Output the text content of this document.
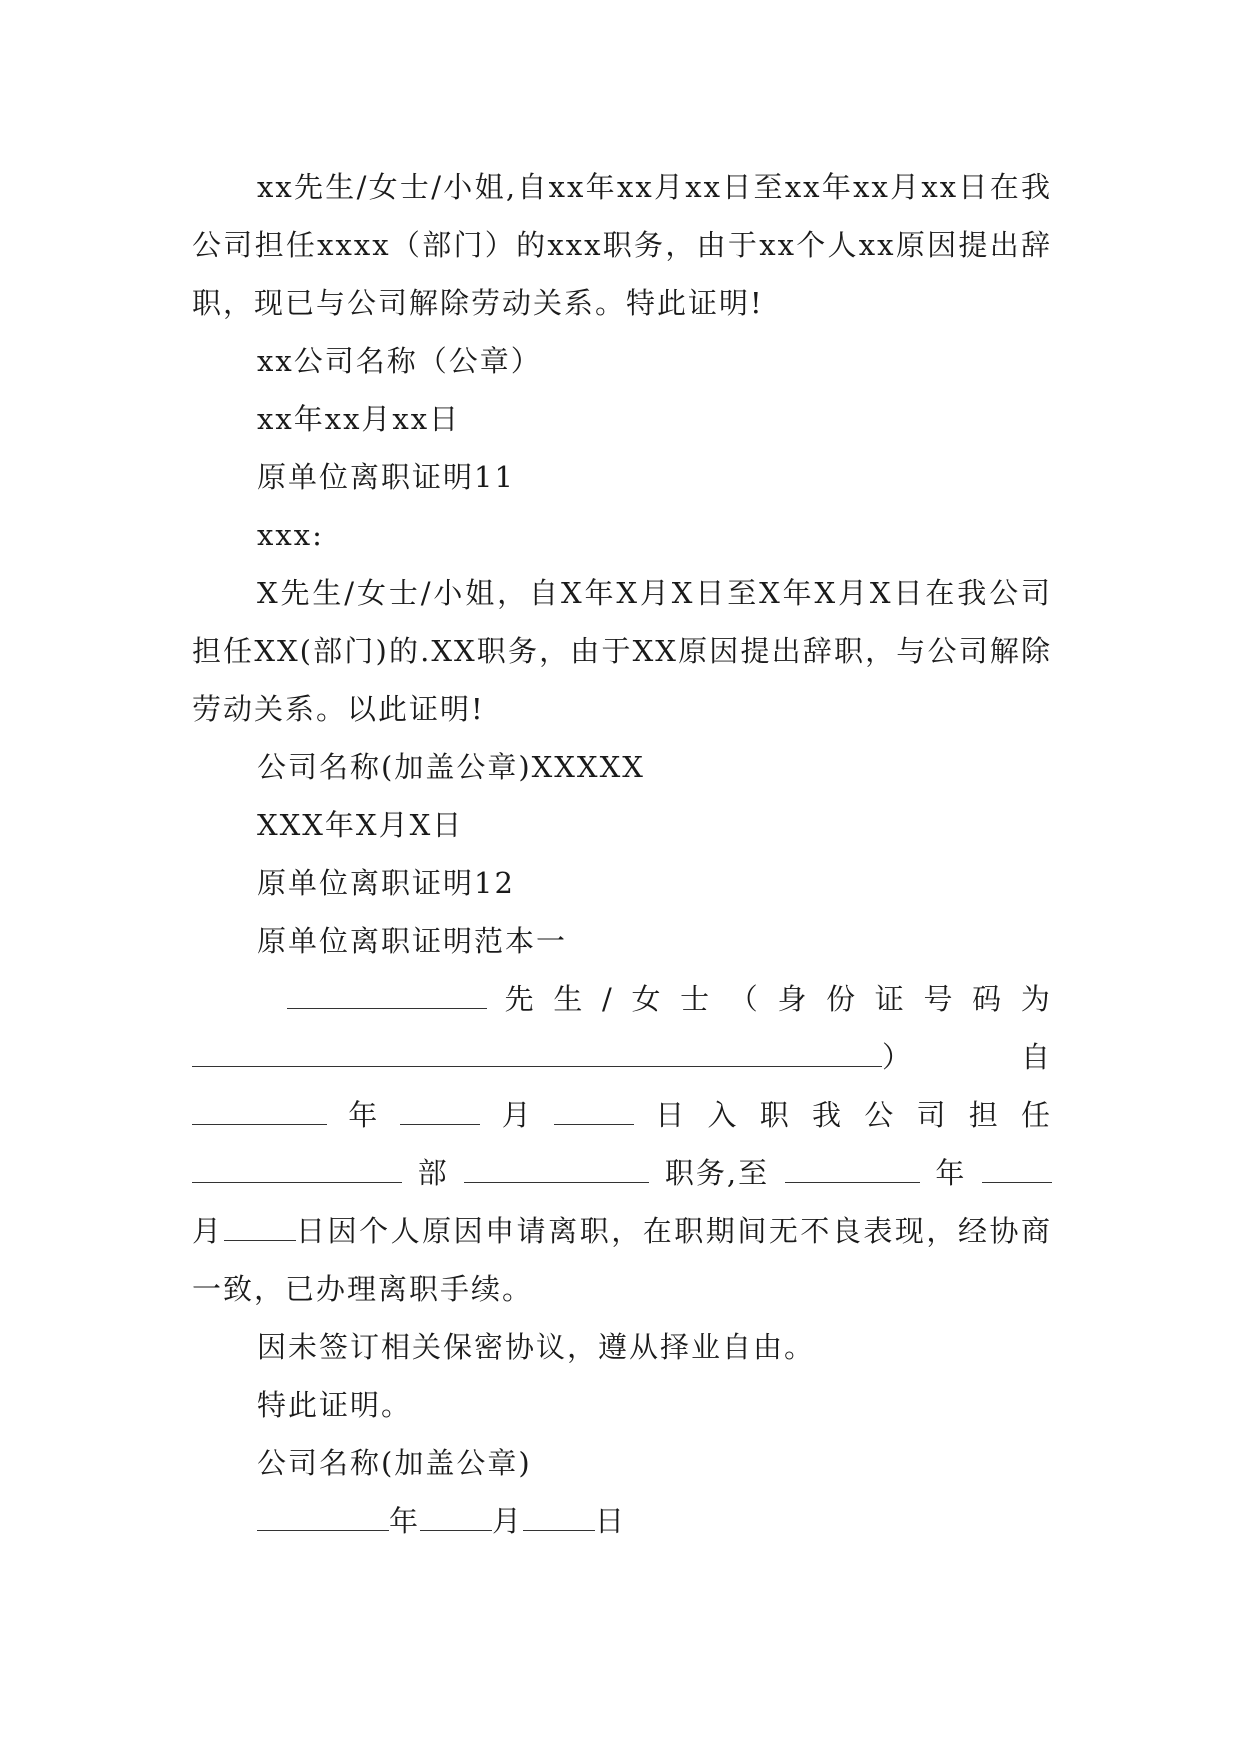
xx先生/女士/小姐,自xx年xx月xx日至xx年xx月xx日在我公司担任xxxx（部门）的xxx职务，由于xx个人xx原因提出辞职，现已与公司解除劳动关系。特此证明!

xx公司名称（公章）

xx年xx月xx日

原单位离职证明11

xxx:

X先生/女士/小姐，自X年X月X日至X年X月X日在我公司担任XX(部门)的.XX职务，由于XX原因提出辞职，与公司解除劳动关系。以此证明!

公司名称(加盖公章)XXXXX

XXX年X月X日

原单位离职证明12

原单位离职证明范本一

先 生 / 女 士 （ 身 份 证 号 码 为
）	自
年	月	日 入 职 我 公 司 担 任
部	职务,至	年

月 日因个人原因申请离职，在职期间无不良表现，经协商一致，已办理离职手续。

因未签订相关保密协议，遵从择业自由。

特此证明。

公司名称(加盖公章)

年 月 日
